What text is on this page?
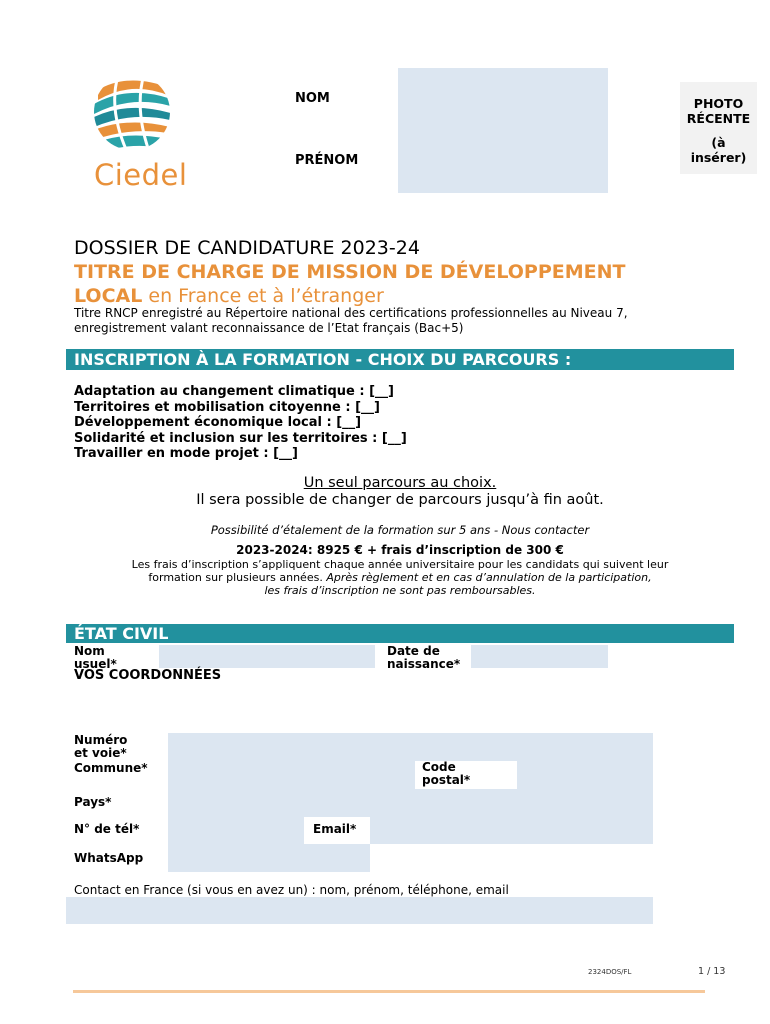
Ciedel
NOM
PRÉNOM
PHOTO
RÉCENTE
(à
insérer)
DOSSIER DE CANDIDATURE 2023-24
TITRE DE CHARGE DE MISSION DE DÉVELOPPEMENT
LOCAL en France et à l’étranger
Titre RNCP enregistré au Répertoire national des certifications professionnelles au Niveau 7,
enregistrement valant reconnaissance de l’Etat français (Bac+5)
INSCRIPTION À LA FORMATION - CHOIX DU PARCOURS :
Adaptation au changement climatique : [__]
Territoires et mobilisation citoyenne : [__]
Développement économique local : [__]
Solidarité et inclusion sur les territoires : [__]
Travailler en mode projet : [__]
Un seul parcours au choix.
Il sera possible de changer de parcours jusqu’à fin août.
Possibilité d’étalement de la formation sur 5 ans - Nous contacter
2023-2024: 8925 € + frais d’inscription de 300 €
Les frais d’inscription s’appliquent chaque année universitaire pour les candidats qui suivent leur
formation sur plusieurs années. Après règlement et en cas d’annulation de la participation,
les frais d’inscription ne sont pas remboursables.
ÉTAT CIVIL
Nom
usuel*
Date de
naissance*
VOS COORDONNÉES
Numéro
et voie*
Commune*	Code
postal*
Pays*
N° de tél*	Email*
WhatsApp
Contact en France (si vous en avez un) : nom, prénom, téléphone, email
2324DOS/FL	1 / 13
